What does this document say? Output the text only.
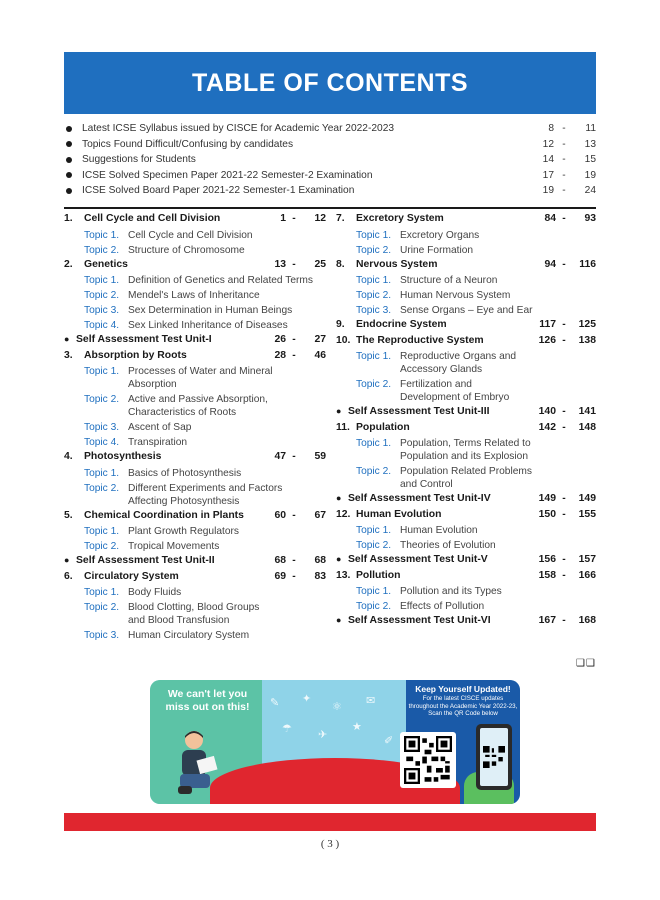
TABLE OF CONTENTS
Latest ICSE Syllabus issued by CISCE for Academic Year 2022-2023	8 -	11
Topics Found Difficult/Confusing by candidates	12 -	13
Suggestions for Students	14 -	15
ICSE Solved Specimen Paper 2021-22 Semester-2 Examination	17 -	19
ICSE Solved Board Paper 2021-22 Semester-1 Examination	19 -	24
1.	Cell Cycle and Cell Division	1 -	12
Topic 1. Cell Cycle and Cell Division
Topic 2. Structure of Chromosome
2.	Genetics	13 -	25
Topic 1. Definition of Genetics and Related Terms
Topic 2. Mendel's Laws of Inheritance
Topic 3. Sex Determination in Human Beings
Topic 4. Sex Linked Inheritance of Diseases
● Self Assessment Test Unit-I	26 -	27
3.	Absorption by Roots	28 -	46
Topic 1. Processes of Water and Mineral
Absorption
Topic 2. Active and Passive Absorption,
Characteristics of Roots
Topic 3. Ascent of Sap
Topic 4. Transpiration
4.	Photosynthesis	47 -	59
Topic 1. Basics of Photosynthesis
Topic 2. Different Experiments and Factors
Affecting Photosynthesis
5.	Chemical Coordination in Plants	60 -	67
Topic 1. Plant Growth Regulators
Topic 2. Tropical Movements
● Self Assessment Test Unit-II	68 -	68
6.	Circulatory System	69 -	83
Topic 1. Body Fluids
Topic 2. Blood Clotting, Blood Groups
and Blood Transfusion
Topic 3. Human Circulatory System
7.	Excretory System	84 -	93
Topic 1. Excretory Organs
Topic 2. Urine Formation
8.	Nervous System	94 -	116
Topic 1. Structure of a Neuron
Topic 2. Human Nervous System
Topic 3. Sense Organs – Eye and Ear
9.	Endocrine System	117 -	125
10. The Reproductive System	126 -	138
Topic 1. Reproductive Organs and
Accessory Glands
Topic 2. Fertilization and
Development of Embryo
● Self Assessment Test Unit-III	140 -	141
11. Population	142 -	148
Topic 1. Population, Terms Related to
Population and its Explosion
Topic 2. Population Related Problems
and Control
● Self Assessment Test Unit-IV	149 -	149
12. Human Evolution	150 -	155
Topic 1. Human Evolution
Topic 2. Theories of Evolution
● Self Assessment Test Unit-V	156 -	157
13. Pollution	158 -	166
Topic 1. Pollution and its Types
Topic 2. Effects of Pollution
● Self Assessment Test Unit-VI	167 -	168
❑❑
✎ ✦
⚛ ✉
☂ ✈
★
✐
We can't let you miss out on this!
Keep Yourself Updated!
For the latest CISCE updates throughout the Academic Year 2022-23, Scan the QR Code below
( 3 )
